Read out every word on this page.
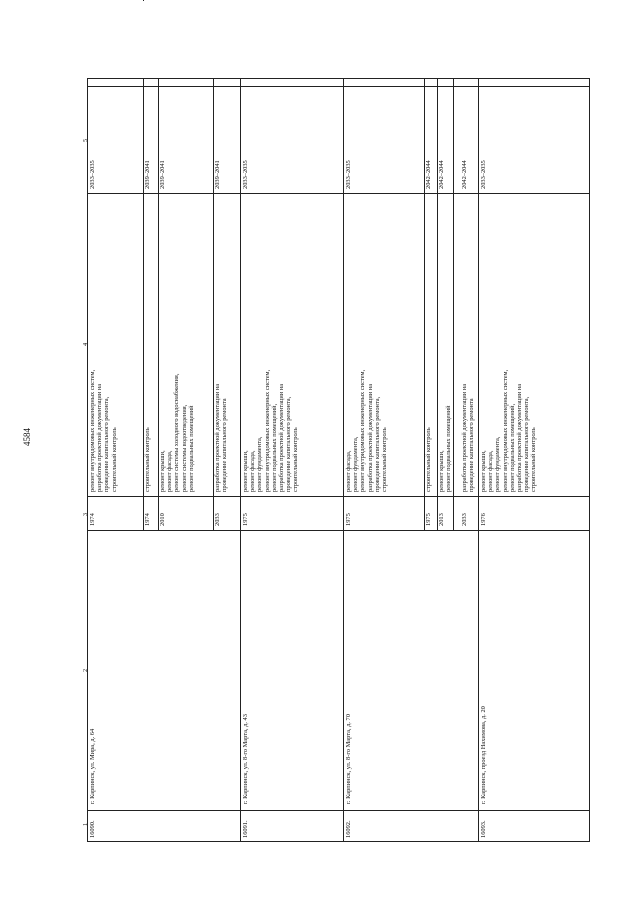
4584
1
2
3
4
5
16090.
г. Карпинск, ул. Мира, д. 64
1974
ремонт внутридомовых инженерных систем, разработка проектной документации на проведение капитального ремонта, строительный контроль
2033–2035
1974
строительный контроль
2039–2041
2010
ремонт крыши, ремонт фасада, ремонт системы холодного водоснабжения, ремонт системы водоотведения, ремонт подвальных помещений
2039–2041
2033
разработка проектной документации на проведение капитального ремонта
2039–2041
16091.
г. Карпинск, ул. 8-го Марта, д. 43
1975
ремонт крыши, ремонт фасада, ремонт фундамента, ремонт внутридомовых инженерных систем, ремонт подвальных помещений, разработка проектной документации на проведение капитального ремонта, строительный контроль
2033–2035
16092.
г. Карпинск, ул. 8-го Марта, д. 70
1975
ремонт фасада, ремонт фундамента, ремонт внутридомовых инженерных систем, разработка проектной документации на проведение капитального ремонта, строительный контроль
2033–2035
1975
строительный контроль
2042–2044
2013
ремонт крыши, ремонт подвальных помещений
2042–2044
2033
разработка проектной документации на проведение капитального ремонта
2042–2044
16093.
г. Карпинск, проезд Нахимова, д. 20
1976
ремонт крыши, ремонт фасада, ремонт фундамента, ремонт внутридомовых инженерных систем, ремонт подвальных помещений, разработка проектной документации на проведение капитального ремонта, строительный контроль
2033–2035
